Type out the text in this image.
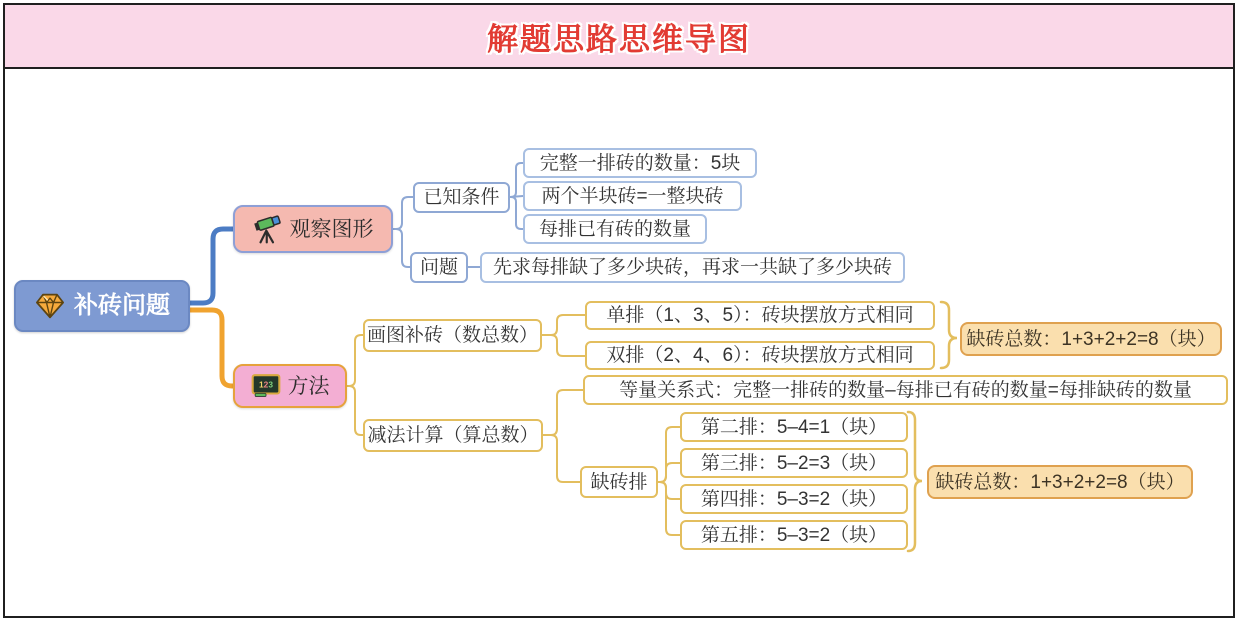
解题思路思维导图
补砖问题
观察图形
已知条件
完整一排砖的数量：5块
两个半块砖=一整块砖
每排已有砖的数量
问题 先求每排缺了多少块砖，再求一共缺了多少块砖
123 方法
画图补砖（数总数）
单排（1、3、5）：砖块摆放方式相同
双排（2、4、6）：砖块摆放方式相同
缺砖总数：1+3+2+2=8（块）
减法计算（算总数）
等量关系式：完整一排砖的数量–每排已有砖的数量=每排缺砖的数量
缺砖排
第二排：5–4=1（块）
第三排：5–2=3（块）
第四排：5–3=2（块）
第五排：5–3=2（块）
缺砖总数：1+3+2+2=8（块）
